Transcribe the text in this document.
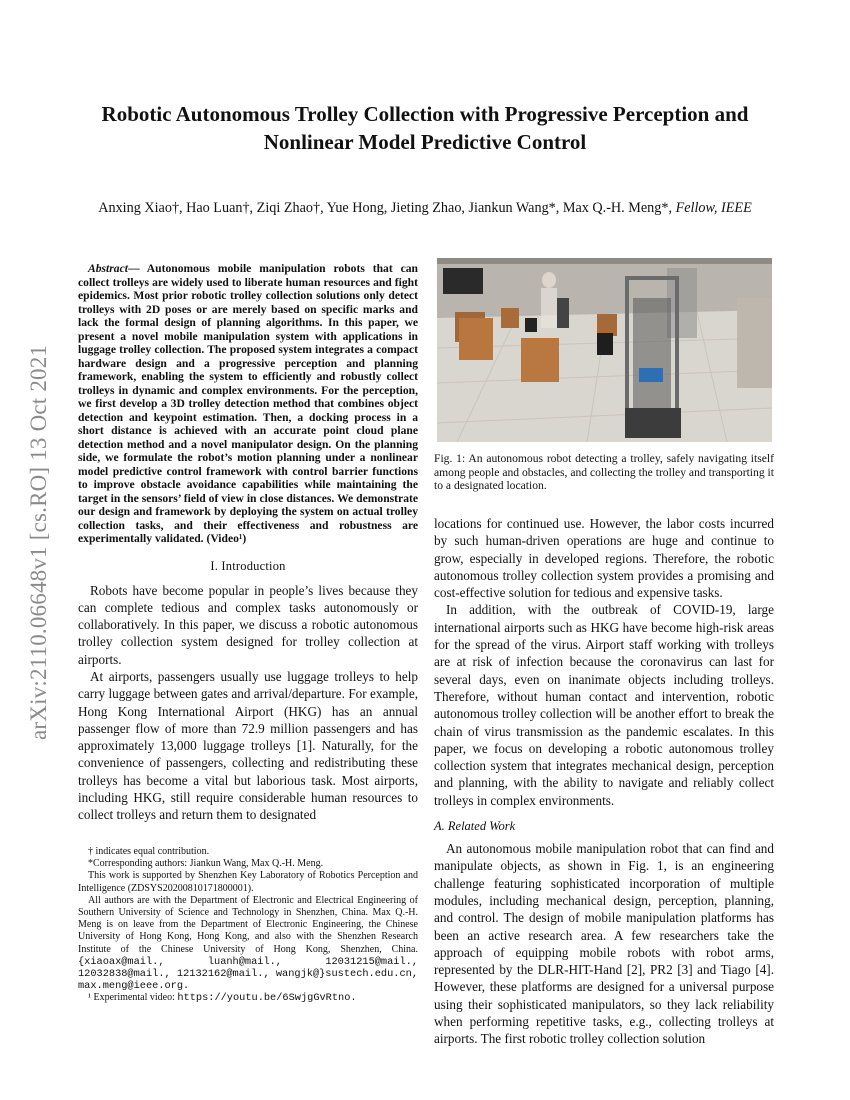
arXiv:2110.06648v1 [cs.RO] 13 Oct 2021
Robotic Autonomous Trolley Collection with Progressive Perception and
Nonlinear Model Predictive Control
Anxing Xiao†, Hao Luan†, Ziqi Zhao†, Yue Hong, Jieting Zhao, Jiankun Wang*, Max Q.-H. Meng*, Fellow, IEEE

Abstract— Autonomous mobile manipulation robots that can collect trolleys are widely used to liberate human resources and fight epidemics. Most prior robotic trolley collection solutions only detect trolleys with 2D poses or are merely based on specific marks and lack the formal design of planning algorithms. In this paper, we present a novel mobile manipulation system with applications in luggage trolley collection. The proposed system integrates a compact hardware design and a progressive perception and planning framework, enabling the system to efficiently and robustly collect trolleys in dynamic and complex environments. For the perception, we first develop a 3D trolley detection method that combines object detection and keypoint estimation. Then, a docking process in a short distance is achieved with an accurate point cloud plane detection method and a novel manipulator design. On the planning side, we formulate the robot’s motion planning under a nonlinear model predictive control framework with control barrier functions to improve obstacle avoidance capabilities while maintaining the target in the sensors’ field of view in close distances. We demonstrate our design and framework by deploying the system on actual trolley collection tasks, and their effectiveness and robustness are experimentally validated. (Video¹)

I. Introduction

Robots have become popular in people’s lives because they can complete tedious and complex tasks autonomously or collaboratively. In this paper, we discuss a robotic autonomous trolley collection system designed for trolley collection at airports.

At airports, passengers usually use luggage trolleys to help carry luggage between gates and arrival/departure. For example, Hong Kong International Airport (HKG) has an annual passenger flow of more than 72.9 million passengers and has approximately 13,000 luggage trolleys [1]. Naturally, for the convenience of passengers, collecting and redistributing these trolleys has become a vital but laborious task. Most airports, including HKG, still require considerable human resources to collect trolleys and return them to designated

† indicates equal contribution.

*Corresponding authors: Jiankun Wang, Max Q.-H. Meng.

This work is supported by Shenzhen Key Laboratory of Robotics Perception and Intelligence (ZDSYS20200810171800001).

All authors are with the Department of Electronic and Electrical Engineering of Southern University of Science and Technology in Shenzhen, China. Max Q.-H. Meng is on leave from the Department of Electronic Engineering, the Chinese University of Hong Kong, Hong Kong, and also with the Shenzhen Research Institute of the Chinese University of Hong Kong, Shenzhen, China. {xiaoax@mail., luanh@mail., 12031215@mail., 12032838@mail., 12132162@mail., wangjk@}sustech.edu.cn, max.meng@ieee.org.

¹ Experimental video: https://youtu.be/6SwjgGvRtno.

Fig. 1: An autonomous robot detecting a trolley, safely navigating itself among people and obstacles, and collecting the trolley and transporting it to a designated location.

locations for continued use. However, the labor costs incurred by such human-driven operations are huge and continue to grow, especially in developed regions. Therefore, the robotic autonomous trolley collection system provides a promising and cost-effective solution for tedious and expensive tasks.

In addition, with the outbreak of COVID-19, large international airports such as HKG have become high-risk areas for the spread of the virus. Airport staff working with trolleys are at risk of infection because the coronavirus can last for several days, even on inanimate objects including trolleys. Therefore, without human contact and intervention, robotic autonomous trolley collection will be another effort to break the chain of virus transmission as the pandemic escalates. In this paper, we focus on developing a robotic autonomous trolley collection system that integrates mechanical design, perception and planning, with the ability to navigate and reliably collect trolleys in complex environments.

A. Related Work

An autonomous mobile manipulation robot that can find and manipulate objects, as shown in Fig. 1, is an engineering challenge featuring sophisticated incorporation of multiple modules, including mechanical design, perception, planning, and control. The design of mobile manipulation platforms has been an active research area. A few researchers take the approach of equipping mobile robots with robot arms, represented by the DLR-HIT-Hand [2], PR2 [3] and Tiago [4]. However, these platforms are designed for a universal purpose using their sophisticated manipulators, so they lack reliability when performing repetitive tasks, e.g., collecting trolleys at airports. The first robotic trolley collection solution
